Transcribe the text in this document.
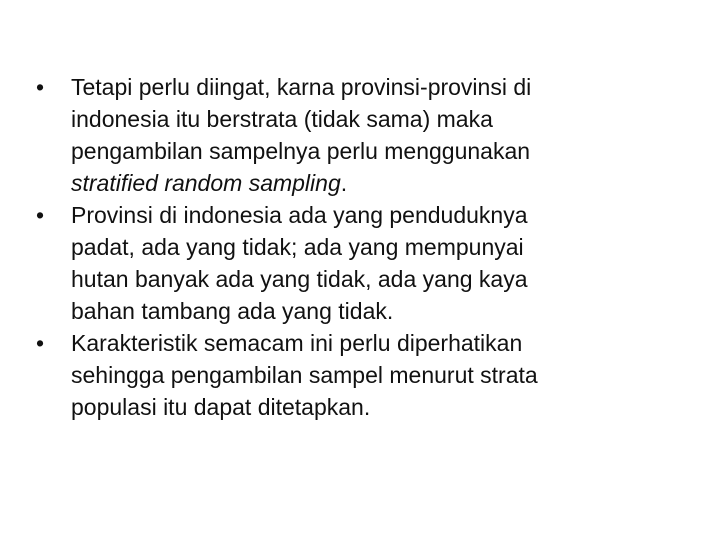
•	Tetapi perlu diingat, karna provinsi-provinsi di
indonesia itu berstrata (tidak sama) maka
pengambilan sampelnya perlu menggunakan
stratified random sampling.
•	Provinsi di indonesia ada yang penduduknya
padat, ada yang tidak; ada yang mempunyai
hutan banyak ada yang tidak, ada yang kaya
bahan tambang ada yang tidak.
•	Karakteristik semacam ini perlu diperhatikan
sehingga pengambilan sampel menurut strata
populasi itu dapat ditetapkan.
